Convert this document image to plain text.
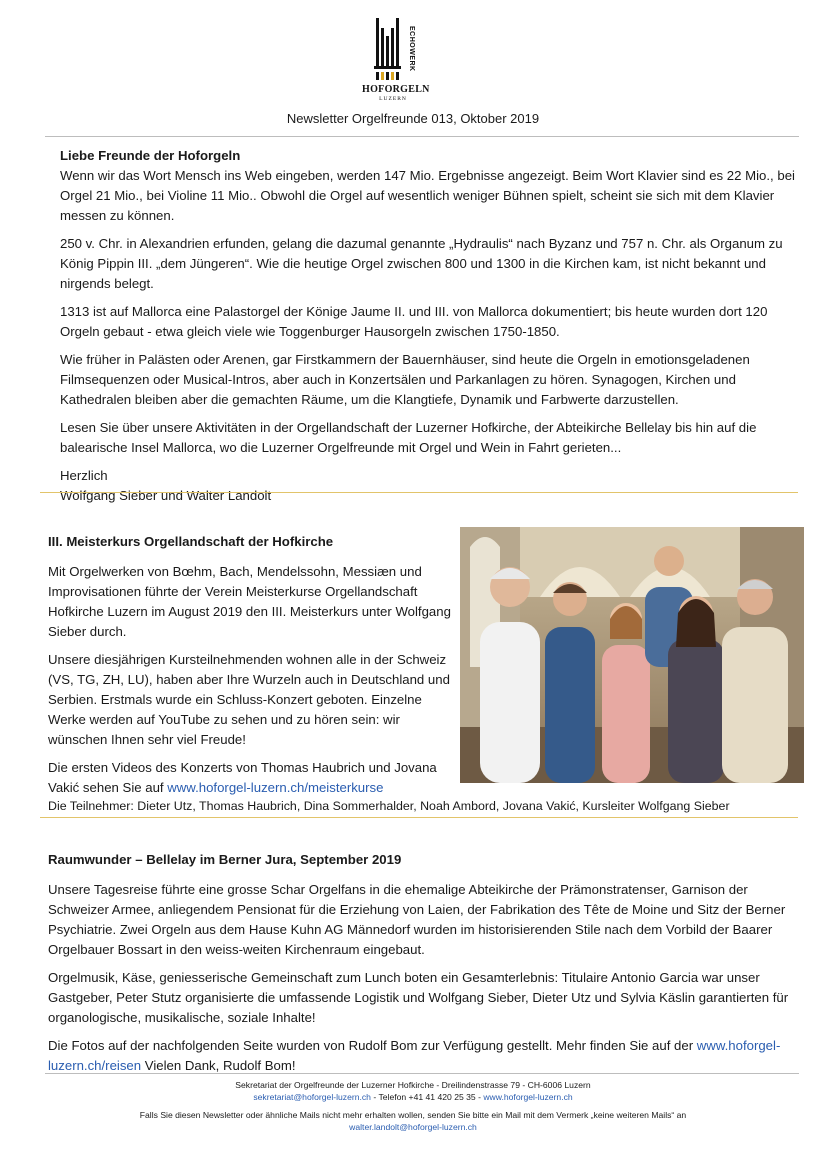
ECHOWERK
HOFORGELN
LUZERN
Newsletter Orgelfreunde 013, Oktober 2019

Liebe Freunde der Hoforgeln

Wenn wir das Wort Mensch ins Web eingeben, werden 147 Mio. Ergebnisse angezeigt. Beim Wort Klavier sind es 22 Mio., bei Orgel 21 Mio., bei Violine 11 Mio.. Obwohl die Orgel auf wesentlich weniger Bühnen spielt, scheint sie sich mit dem Klavier messen zu können.

250 v. Chr. in Alexandrien erfunden, gelang die dazumal genannte „Hydraulis“ nach Byzanz und 757 n. Chr. als Organum zu König Pippin III. „dem Jüngeren“. Wie die heutige Orgel zwischen 800 und 1300 in die Kirchen kam, ist nicht bekannt und nirgends belegt.

1313 ist auf Mallorca eine Palastorgel der Könige Jaume II. und III. von Mallorca dokumentiert; bis heute wurden dort 120 Orgeln gebaut - etwa gleich viele wie Toggenburger Hausorgeln zwischen 1750-1850.

Wie früher in Palästen oder Arenen, gar Firstkammern der Bauernhäuser, sind heute die Orgeln in emotionsgeladenen Filmsequenzen oder Musical-Intros, aber auch in Konzertsälen und Parkanlagen zu hören. Synagogen, Kirchen und Kathedralen bleiben aber die gemachten Räume, um die Klangtiefe, Dynamik und Farbwerte darzustellen.

Lesen Sie über unsere Aktivitäten in der Orgellandschaft der Luzerner Hofkirche, der Abteikirche Bellelay bis hin auf die balearische Insel Mallorca, wo die Luzerner Orgelfreunde mit Orgel und Wein in Fahrt gerieten...

Herzlich

Wolfgang Sieber und Walter Landolt

III. Meisterkurs Orgellandschaft der Hofkirche

Mit Orgelwerken von Bœhm, Bach, Mendelssohn, Messiæn und Improvisationen führte der Verein Meisterkurse Orgellandschaft Hofkirche Luzern im August 2019 den III. Meisterkurs unter Wolfgang Sieber durch.

Unsere diesjährigen Kursteilnehmenden wohnen alle in der Schweiz (VS, TG, ZH, LU), haben aber Ihre Wurzeln auch in Deutschland und Serbien. Erstmals wurde ein Schluss-Konzert geboten. Einzelne Werke werden auf YouTube zu sehen und zu hören sein: wir wünschen Ihnen sehr viel Freude!

Die ersten Videos des Konzerts von Thomas Haubrich und Jovana Vakić sehen Sie auf www.hoforgel-luzern.ch/meisterkurse

Die Teilnehmer: Dieter Utz, Thomas Haubrich, Dina Sommerhalder, Noah Ambord, Jovana Vakić, Kursleiter Wolfgang Sieber

Raumwunder – Bellelay im Berner Jura, September 2019

Unsere Tagesreise führte eine grosse Schar Orgelfans in die ehemalige Abteikirche der Prämonstratenser, Garnison der Schweizer Armee, anliegendem Pensionat für die Erziehung von Laien, der Fabrikation des Tête de Moine und Sitz der Berner Psychiatrie. Zwei Orgeln aus dem Hause Kuhn AG Männedorf wurden im historisierenden Stile nach dem Vorbild der Baarer Orgelbauer Bossart in den weiss-weiten Kirchenraum eingebaut.

Orgelmusik, Käse, geniesserische Gemeinschaft zum Lunch boten ein Gesamterlebnis: Titulaire Antonio Garcia war unser Gastgeber, Peter Stutz organisierte die umfassende Logistik und Wolfgang Sieber, Dieter Utz und Sylvia Käslin garantierten für organologische, musikalische, soziale Inhalte!

Die Fotos auf der nachfolgenden Seite wurden von Rudolf Bom zur Verfügung gestellt. Mehr finden Sie auf der www.hoforgel-luzern.ch/reisen Vielen Dank, Rudolf Bom!

Sekretariat der Orgelfreunde der Luzerner Hofkirche - Dreilindenstrasse 79 - CH-6006 Luzern
sekretariat@hoforgel-luzern.ch - Telefon +41 41 420 25 35 - www.hoforgel-luzern.ch
Falls Sie diesen Newsletter oder ähnliche Mails nicht mehr erhalten wollen, senden Sie bitte ein Mail mit dem Vermerk „keine weiteren Mails“ an
walter.landolt@hoforgel-luzern.ch
